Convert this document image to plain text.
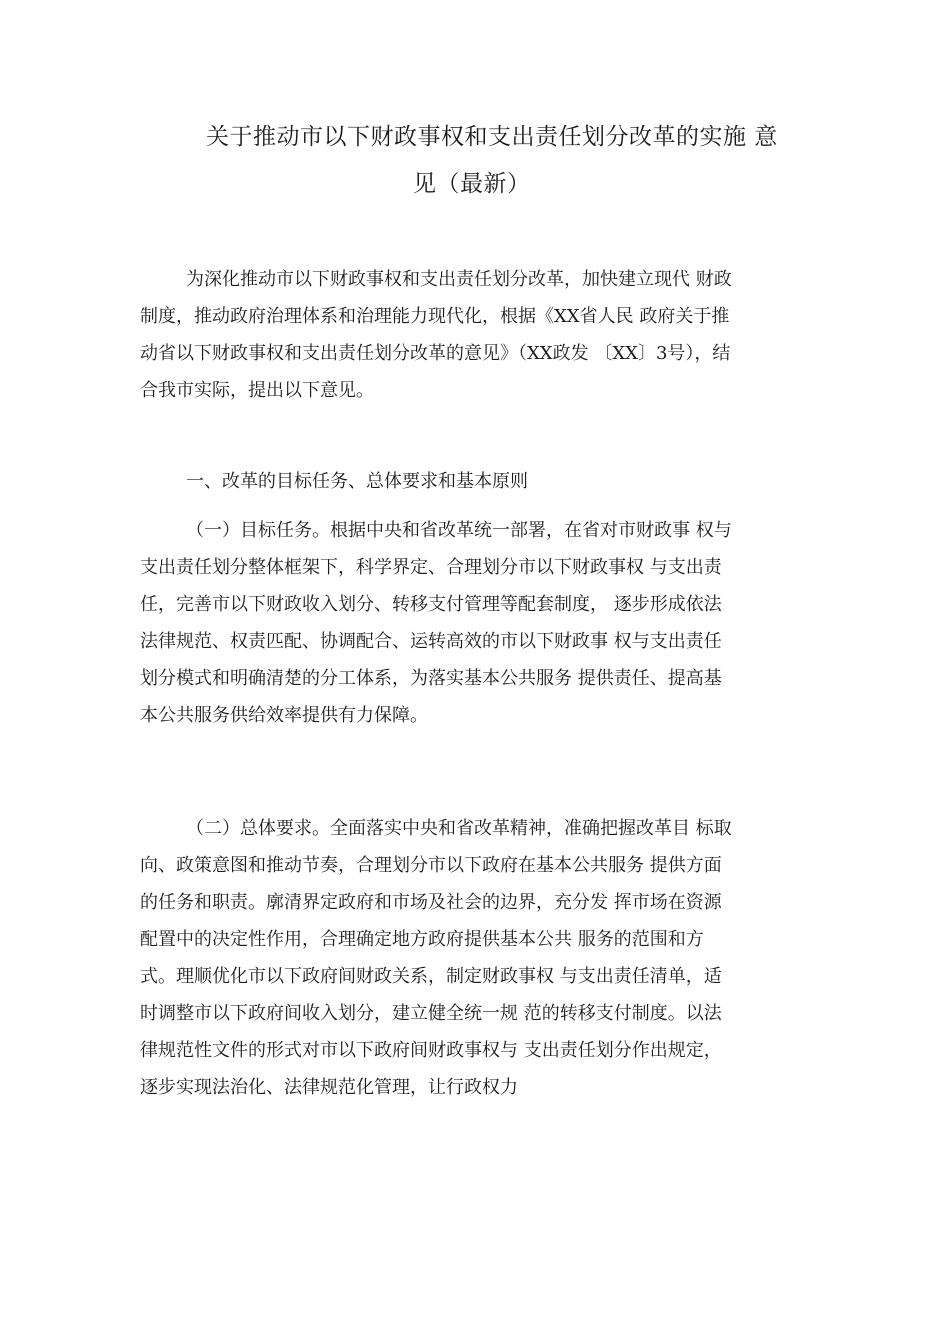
关于推动市以下财政事权和支出责任划分改革的实施 意
见（最新）
为深化推动市以下财政事权和支出责任划分改革，加快建立现代 财政
制度，推动政府治理体系和治理能力现代化，根据《XX省人民 政府关于推
动省以下财政事权和支出责任划分改革的意见》（XX政发 〔XX〕3号），结
合我市实际，提出以下意见。
一、改革的目标任务、总体要求和基本原则
（一）目标任务。根据中央和省改革统一部署，在省对市财政事 权与
支出责任划分整体框架下，科学界定、合理划分市以下财政事权 与支出责
任，完善市以下财政收入划分、转移支付管理等配套制度， 逐步形成依法
法律规范、权责匹配、协调配合、运转高效的市以下财政事 权与支出责任
划分模式和明确清楚的分工体系，为落实基本公共服务 提供责任、提高基
本公共服务供给效率提供有力保障。
（二）总体要求。全面落实中央和省改革精神，准确把握改革目 标取
向、政策意图和推动节奏，合理划分市以下政府在基本公共服务 提供方面
的任务和职责。廓清界定政府和市场及社会的边界，充分发 挥市场在资源
配置中的决定性作用，合理确定地方政府提供基本公共 服务的范围和方
式。理顺优化市以下政府间财政关系，制定财政事权 与支出责任清单，适
时调整市以下政府间收入划分，建立健全统一规 范的转移支付制度。以法
律规范性文件的形式对市以下政府间财政事权与 支出责任划分作出规定，
逐步实现法治化、法律规范化管理，让行政权力
